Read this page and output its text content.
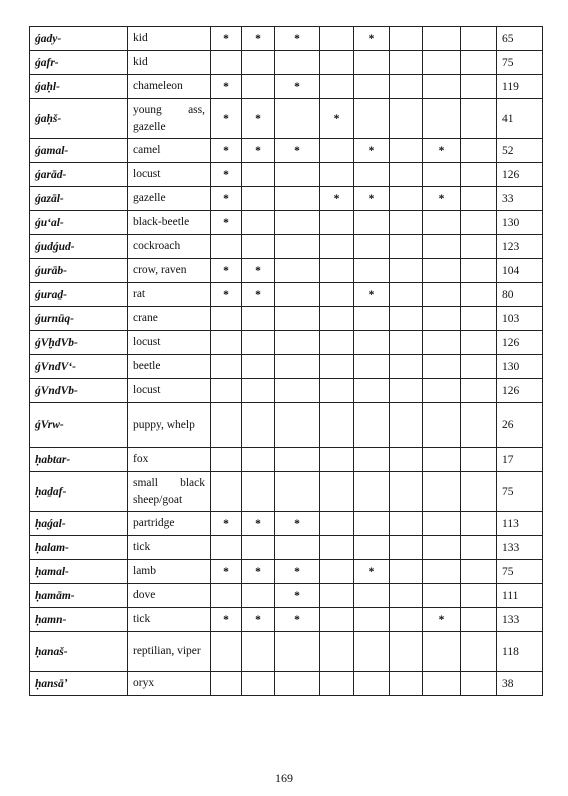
ǵady-	kid	*	*	*		*				65
ǵafr-	kid									75
ǵaḥl-	chameleon	*		*						119
ǵaḥš-	young ass, gazelle	*	*		*					41
ǵamal-	camel	*	*	*		*		*		52
ǵarād-	locust	*								126
ǵazāl-	gazelle	*			*	*		*		33
ǵuʻal-	black-beetle	*								130
ǵudǵud-	cockroach									123
ǵurāb-	crow, raven	*	*							104
ǵuraḏ-	rat	*	*			*				80
ǵurnūq-	crane									103
ǵVḫdVb-	locust									126
ǵVndVʻ-	beetle									130
ǵVndVb-	locust									126
ǵVrw-	puppy, whelp									26
ḥabtar-	fox									17
ḥaḏaf-	small black sheep/goat									75
ḥaǵal-	partridge	*	*	*						113
ḥalam-	tick									133
ḥamal-	lamb	*	*	*		*				75
ḥamām-	dove			*						111
ḥamn-	tick	*	*	*				*		133
ḥanaš-	reptilian, viper									118
ḥansāʼ	oryx									38
169
